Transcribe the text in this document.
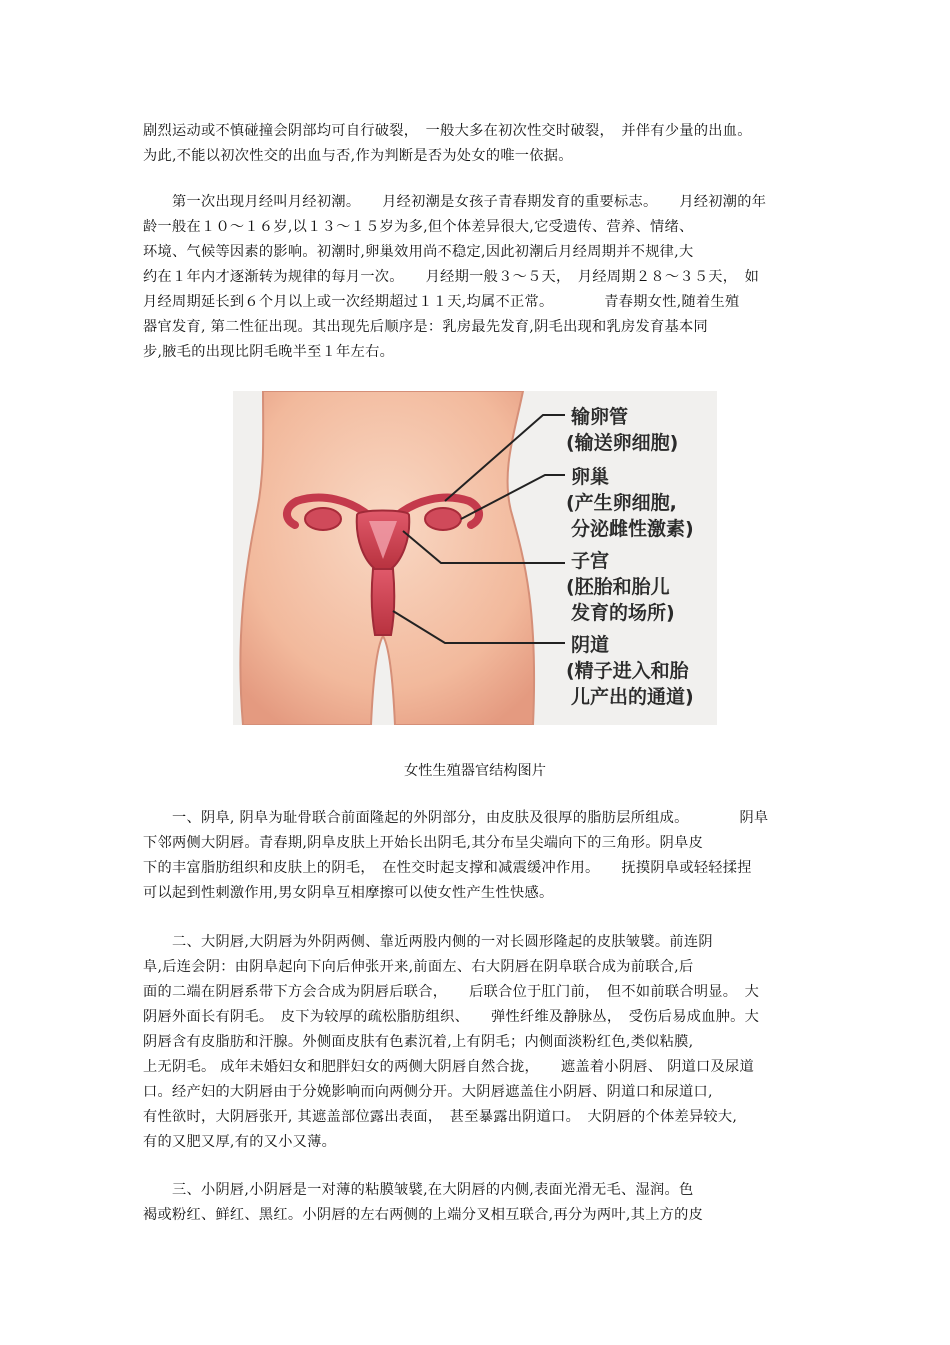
剧烈运动或不慎碰撞会阴部均可自行破裂，　一般大多在初次性交时破裂，　并伴有少量的出血。
为此,不能以初次性交的出血与否,作为判断是否为处女的唯一依据。
　　第一次出现月经叫月经初潮。　　月经初潮是女孩子青春期发育的重要标志。　　月经初潮的年
龄一般在１０～１６岁,以１３～１５岁为多,但个体差异很大,它受遗传、营养、情绪、
环境、气候等因素的影响。初潮时,卵巢效用尚不稳定,因此初潮后月经周期并不规律,大
约在１年内才逐渐转为规律的每月一次。　　月经期一般３～５天，　月经周期２８～３５天，　如
月经周期延长到６个月以上或一次经期超过１１天,均属不正常。　　　　青春期女性,随着生殖
器官发育, 第二性征出现。其出现先后顺序是：乳房最先发育,阴毛出现和乳房发育基本同
步,腋毛的出现比阴毛晚半至１年左右。
输卵管
(输送卵细胞)
卵巢
(产生卵细胞,
分泌雌性激素)
子宫
(胚胎和胎儿
发育的场所)
阴道
(精子进入和胎
儿产出的通道)
女性生殖器官结构图片
　　一、阴阜, 阴阜为耻骨联合前面隆起的外阴部分，由皮肤及很厚的脂肪层所组成。　　　　阴阜
下邻两侧大阴唇。青春期,阴阜皮肤上开始长出阴毛,其分布呈尖端向下的三角形。阴阜皮
下的丰富脂肪组织和皮肤上的阴毛，　在性交时起支撑和减震缓冲作用。　　抚摸阴阜或轻轻揉捏
可以起到性刺激作用,男女阴阜互相摩擦可以使女性产生性快感。
　　二、大阴唇,大阴唇为外阴两侧、靠近两股内侧的一对长圆形隆起的皮肤皱襞。前连阴
阜,后连会阴：由阴阜起向下向后伸张开来,前面左、右大阴唇在阴阜联合成为前联合,后
面的二端在阴唇系带下方会合成为阴唇后联合，　　后联合位于肛门前，　但不如前联合明显。　大
阴唇外面长有阴毛。　皮下为较厚的疏松脂肪组织、　　弹性纤维及静脉丛，　受伤后易成血肿。大
阴唇含有皮脂肪和汗腺。外侧面皮肤有色素沉着,上有阴毛；内侧面淡粉红色,类似粘膜,
上无阴毛。 成年未婚妇女和肥胖妇女的两侧大阴唇自然合拢，　　遮盖着小阴唇、 阴道口及尿道
口。经产妇的大阴唇由于分娩影响而向两侧分开。大阴唇遮盖住小阴唇、阴道口和尿道口,
有性欲时，大阴唇张开, 其遮盖部位露出表面，　甚至暴露出阴道口。　大阴唇的个体差异较大,
有的又肥又厚,有的又小又薄。
　　三、小阴唇,小阴唇是一对薄的粘膜皱襞,在大阴唇的内侧,表面光滑无毛、湿润。色
褐或粉红、鲜红、黑红。小阴唇的左右两侧的上端分叉相互联合,再分为两叶,其上方的皮
